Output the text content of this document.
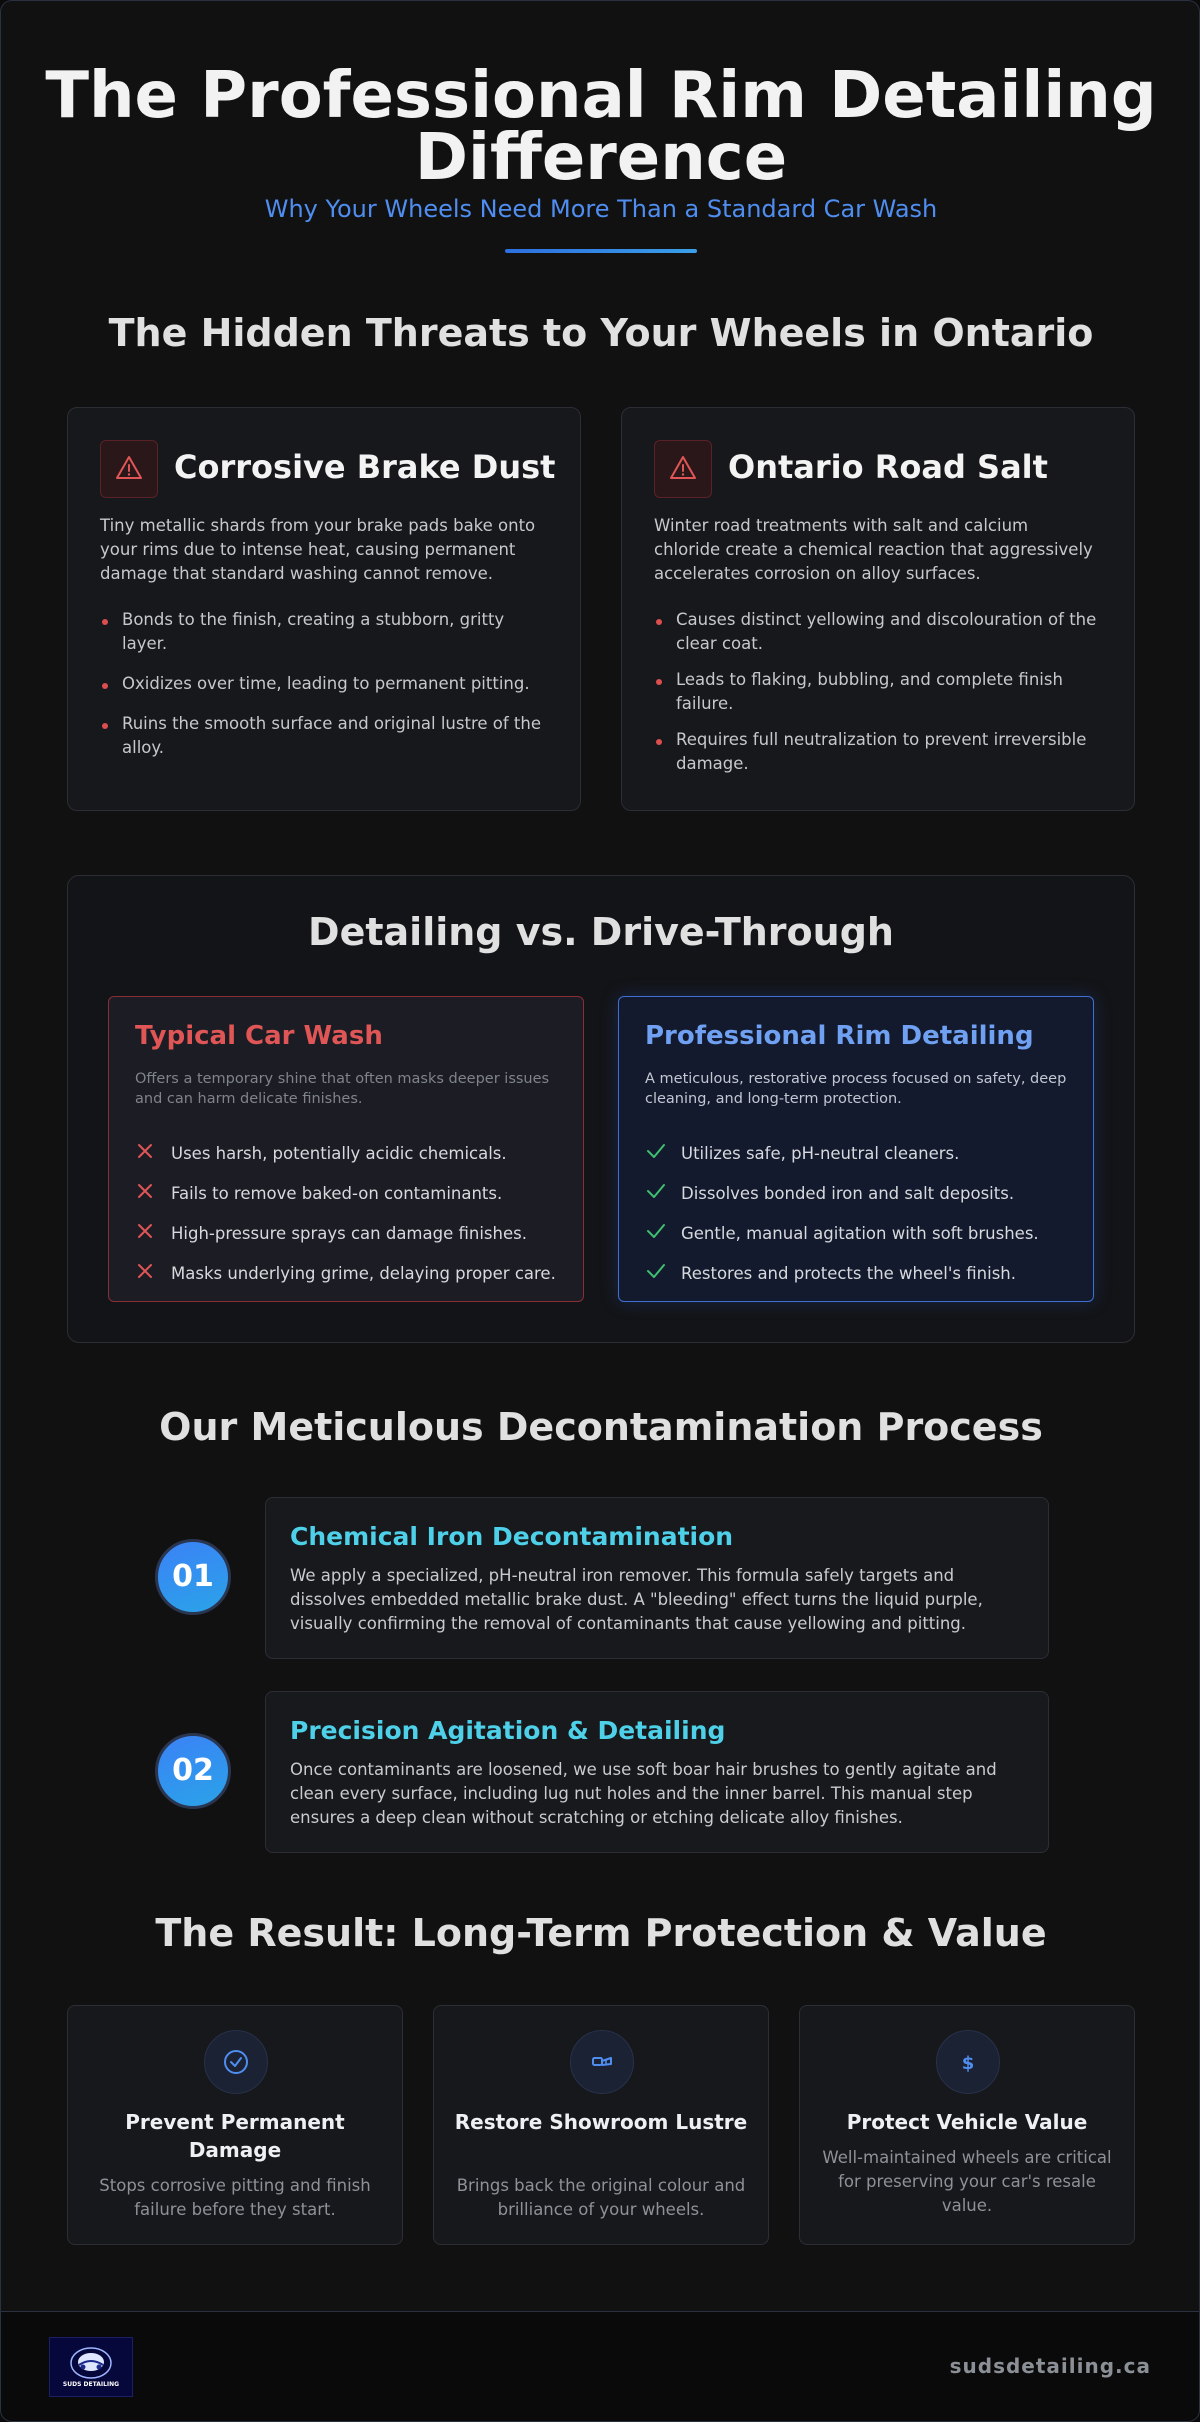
The Professional Rim Detailing
Difference
Why Your Wheels Need More Than a Standard Car Wash
The Hidden Threats to Your Wheels in Ontario
Corrosive Brake Dust
Tiny metallic shards from your brake pads bake onto your rims due to intense heat, causing permanent damage that standard washing cannot remove.
Bonds to the finish, creating a stubborn, gritty layer.
Oxidizes over time, leading to permanent pitting.
Ruins the smooth surface and original lustre of the alloy.
Ontario Road Salt
Winter road treatments with salt and calcium chloride create a chemical reaction that aggressively accelerates corrosion on alloy surfaces.
Causes distinct yellowing and discolouration of the clear coat.
Leads to flaking, bubbling, and complete finish failure.
Requires full neutralization to prevent irreversible damage.
Detailing vs. Drive-Through
Typical Car Wash
Offers a temporary shine that often masks deeper issues and can harm delicate finishes.
Uses harsh, potentially acidic chemicals.
Fails to remove baked-on contaminants.
High-pressure sprays can damage finishes.
Masks underlying grime, delaying proper care.
Professional Rim Detailing
A meticulous, restorative process focused on safety, deep cleaning, and long-term protection.
Utilizes safe, pH-neutral cleaners.
Dissolves bonded iron and salt deposits.
Gentle, manual agitation with soft brushes.
Restores and protects the wheel's finish.
Our Meticulous Decontamination Process
01
Chemical Iron Decontamination
We apply a specialized, pH-neutral iron remover. This formula safely targets and dissolves embedded metallic brake dust. A "bleeding" effect turns the liquid purple, visually confirming the removal of contaminants that cause yellowing and pitting.
02
Precision Agitation & Detailing
Once contaminants are loosened, we use soft boar hair brushes to gently agitate and clean every surface, including lug nut holes and the inner barrel. This manual step ensures a deep clean without scratching or etching delicate alloy finishes.
The Result: Long-Term Protection & Value
Prevent Permanent Damage
Stops corrosive pitting and finish failure before they start.
Restore Showroom Lustre
Brings back the original colour and brilliance of your wheels.
$
Protect Vehicle Value
Well-maintained wheels are critical for preserving your car's resale value.
SUDS DETAILING
sudsdetailing.ca
